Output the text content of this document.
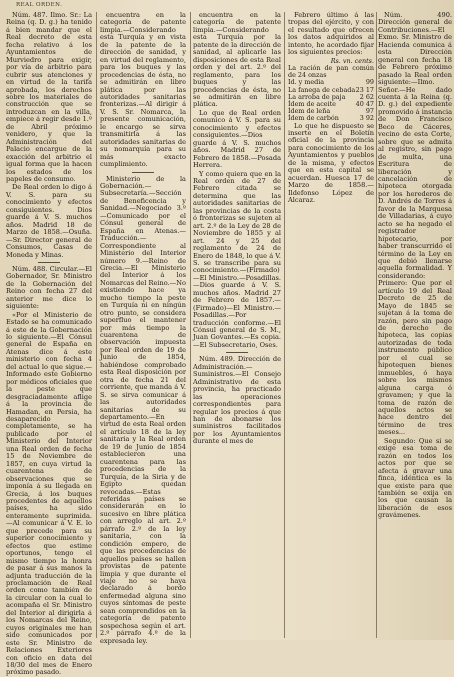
REAL ORDEN.

Núm. 487. Ilmo. Sr.: La Reina (q. D. g.) ha tenido á bien mandar que el Real decreto de esta fecha relativo á los Ayuntamientos de Murviedro para exigir, por vía de arbitrio para cubrir sus atenciones y en virtud de la tarifa aprobada, los derechos sobre los materiales de construcción que se introduzcan en la villa, empiece á regir desde 1.º de Abril próximo venidero, y que la Administración del Palacio encargue de la exacción del arbitrio el igual forma que la hacen los estados de los papeles de consumo.

De Real orden lo digo á V. S. para su conocimiento y efectos consiguientes. Dios guarde á V. S. muchos años. Madrid 18 de Marzo de 1858.—Osuña.—Sr. Director general de Consumos, Casas de Moneda y Minas.

Núm. 488. Circular.—El Gobernador, Sr. Ministro de la Gobernación del Reino con fecha 27 del anterior me dice lo siguiente:

«Por el Ministerio de Estado se ha comunicado á este de la Gobernación lo siguiente.—El Cónsul general de España en Atenas dice á este ministerio con fecha 4 del actual lo que sigue.—Informado este Gobierno por médicos oficiales que la peste que desgraciadamente aflige á la provincia de Hamadan, en Persia, ha desaparecido completamente, se ha publicado por el Ministerio del Interior una Real orden de fecha 15 de Noviembre de 1857, en cuya virtud la cuarentena de observaciones que se imponía á su llegada en Grecia, á los buques procedentes de aquellos países, ha sido enteramente suprimida.—Al comunicar á V. E. lo que precede para su superior conocimiento y efectos que estime oportunos, tengo el mismo tiempo la honra de pasar á sus manos la adjunta traducción de la proclamación de Real orden como también de la circular con la cual lo acompaña el Sr. Ministro del Interior al dirigirla á los Nomarcas del Reino, cuyos originales me han sido comunicados por este Sr. Ministro de Relaciones Exteriores con oficio en data del 18/30 del mes de Enero próximo pasado.

encuentra en la categoría de patente limpia.—Considerando esta Turquía y en vista de la patente de la dirección de sanidad, y en virtud del reglamento, para los buques y las procedencias de ésta, no se admitirán en libre plática por las autoridades sanitarias fronterizas.—Al dirigir á V. S. Sr. Nomarca, la presente comunicación, le encargo se sirva transmitirla á las autoridades sanitarias de su nomarquía para su más exacto cumplimiento.

Ministerio de la Gobernación.—Subsecretaría.—Sección de Beneficencia y Sanidad.—Negociado 3.º—Comunicado por el Cónsul general de España en Atenas.—Traducción.—Correspondiente al Ministerio del Interior número 9.—Reino de Grecia.—El Ministerio del Interior á los Nomarcas del Reino.—No existiendo hace ya mucho tiempo la peste en Turquía ni en ningún otro punto, se considera superfluo el mantener por más tiempo la cuarentena de observación impuesta por Real orden de 19 de Junio de 1854, habiéndose comprobado esta Real disposición por otra de fecha 21 del corriente, que manda á V. S. se sirva comunicar á las autoridades sanitarias de su departamento.—En virtud de esta Real orden el artículo 18 de la ley sanitaria y la Real orden de 19 de Junio de 1854 establecieron una cuarentena para las procedencias de la Turquía, de la Siria y de Egipto quedan revocadas.—Estas referidas países se considerarán en lo sucesivo en libre plática con arreglo al art. 2.º párrafo 2.º de la ley sanitaria, con la condición empero, de que las procedencias de aquellos países se hallen provistas de patente limpia y que durante el viaje no se haya declarado á bordo enfermedad alguna sino cuyos síntomas de peste sean comprendidos en la categoría de patente sospechosa según el art. 2.º párrafo 4.º de la expresada ley.

encuentra en la categoría de patente limpia.—Considerando esta Turquía por la patente de la dirección de sanidad, al aplicarle las disposiciones de esta Real orden y del art. 2.º del reglamento, para los buques y las procedencias de ésta, no se admitirán en libre plática.

Lo que de Real orden comunico á V. S. para su conocimiento y efectos consiguientes.—Dios guarde á V. S. muchos años. Madrid 27 de Febrero de 1858.—Posada Herrera.

Y como quiera que en la Real orden de 27 de Febrero citada se determina que las autoridades sanitarias de las provincias de la costa ó fronterizas se sujeten al art. 2.º de la Ley de 28 de Noviembre de 1855 y al art. 24 y 25 del reglamento de 24 de Enero de 1848, lo que á V. S. se transcribe para su conocimiento.—(Firmado)—El Ministro.—Posadillas.—Dios guarde á V. S. muchos años. Madrid 27 de Febrero de 1857.—(Firmado)—El Ministro.—Posadillas.—Por traducción conforme.—El Cónsul general de S. M., Juan Govantes.—Es copia.—El Subsecretario, Oses.

Núm. 489. Dirección de Administración.—Suministros.—El Consejo Administrativo de esta provincia, ha practicado las operaciones correspondientes para regular los precios á que han de abonarse los suministros facilitados por los Ayuntamientos durante el mes de

Febrero último á las tropas del ejército, y con el resultado que ofrecen los datos adquiridos al intento, he acordado fijar los siguientes precios:

Rs. vn. cents.
La ración de pan común de 24 onzas
Id. y media	99
La fanega de cebada 23 17
La arroba de paja 2 62
Ídem de aceite	40 47
Ídem de leña	97
Ídem de carbón	3 92

Lo que he dispuesto se inserte en el Boletín oficial de la provincia para conocimiento de los Ayuntamientos y pueblos de la misma, y efectos que en esta capital se acuerdan. Huesca 17 de Marzo de 1858.—Ildefonso López de Alcaraz.

Núm. 490. Dirección general de Contribuciones.—El Exmo. Sr. Ministro de Hacienda comunica á esta Dirección general con fecha 18 de Febrero próximo pasado la Real orden siguiente:—Ilmo. Señor.—He dado cuenta á la Reina (q. D. g.) del expediente promovido á instancia de Don Francisco Beco de Cáceres, vecino de esta Corte, sobre que se admita al registro, sin pago de multa, una Escritura de liberación y cancelación de hipoteca otorgada por los herederos de D. Andrés de Torres á favor de la Marquesa de Villadarias, á cuyo acto se ha negado el registrador hipotecario, por haber transcurrido el término de la Ley en que debió llenarse aquella formalidad. Y considerando: Primero: Que por el artículo 19 del Real Decreto de 25 de Mayo de 1845 se sujetan á la toma de razón, pero sin pago de derecho de hipoteca, las copias autorizadas de toda instrumento público por el cual se hipotequen bienes inmuebles, ó haya sobre los mismos alguna carga ó gravamen; y que la toma de razón de aquellos actos se hace dentro del término de tres meses...

Segundo: Que si se exige esa toma de razón en todos los actos por que se afecta á gravar una finca, idéntica es la que existe para que también se exija en los que causan la liberación de esos gravámenes.
